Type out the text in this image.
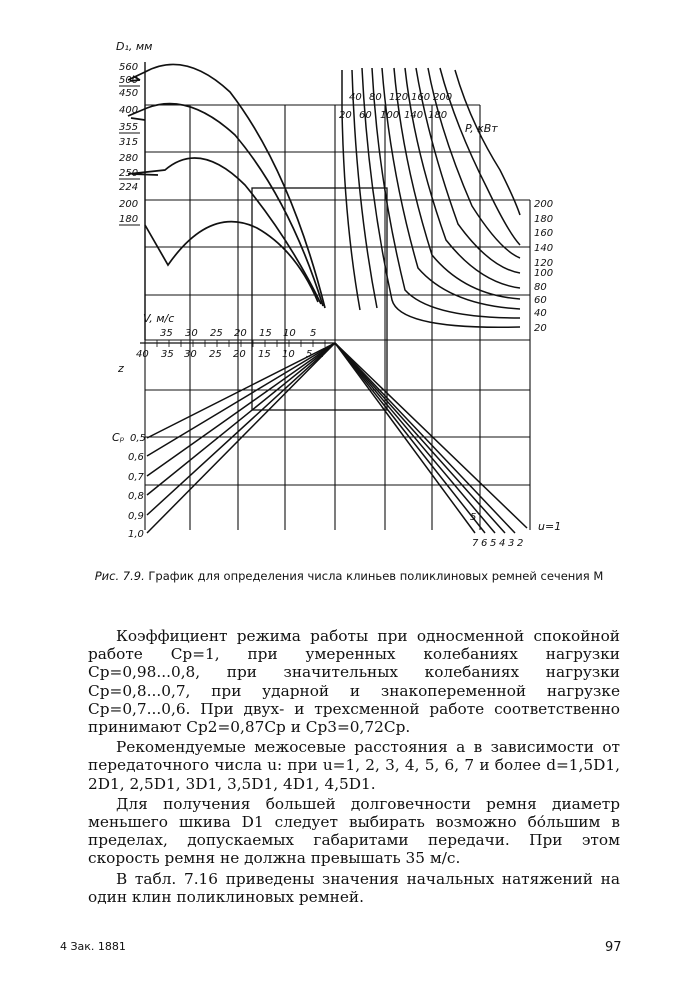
D₁, мм
560
500
450
400
355
315
280
250
224
200
180
40 80 120 160 200
20 60 100 140 180
P, кВт
200
180
160
140
120
100
80
60
40
20
V, м/с
35 30 25 20 15 10 5
40 35 30 25 20 15 10 5 2
z
Cₚ 0,5
0,6
0,7
0,8
0,9
1,0
u=1
5
7 6 5 4 3 2
Рис. 7.9. График для определения числа клиньев поликлиновых ремней сечения М

Коэффициент режима работы при односменной спокойной работе Cр=1, при умеренных колебаниях нагрузки Cр=0,98...0,8, при значительных колебаниях нагрузки Cр=0,8...0,7, при ударной и знакопеременной нагрузке Cр=0,7...0,6. При двух- и трехсменной работе соответственно принимают Cр2=0,87Cр и Cр3=0,72Cр.

Рекомендуемые межосевые расстояния a в зависимости от передаточного числа u: при u=1, 2, 3, 4, 5, 6, 7 и более d=1,5D1, 2D1, 2,5D1, 3D1, 3,5D1, 4D1, 4,5D1.

Для получения большей долговечности ремня диаметр меньшего шкива D1 следует выбирать возможно бо́льшим в пределах, допускаемых габаритами передачи. При этом скорость ремня не должна превышать 35 м/с.

В табл. 7.16 приведены значения начальных натяжений на один клин поликлиновых ремней.

4 Зак. 1881	97
